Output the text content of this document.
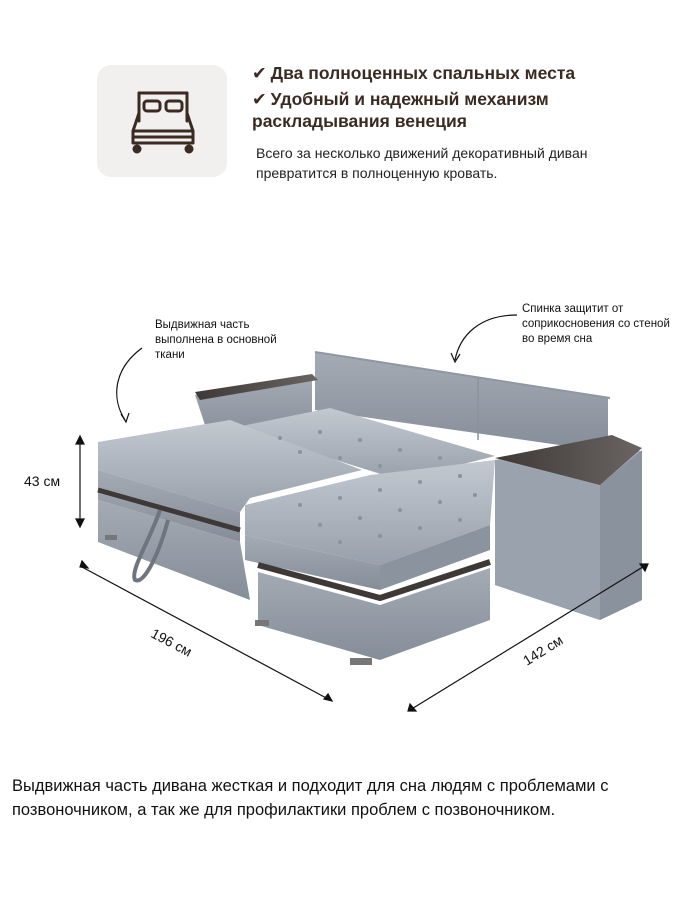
✔ Два полноценных спальных места
✔ Удобный и надежный механизм раскладывания венеция
Всего за несколько движений декоративный диван превратится в полноценную кровать.
Выдвижная часть выполнена в основной ткани
Спинка защитит от соприкосновения со стеной во время сна
43 см
196 см	142 см
Выдвижная часть дивана жесткая и подходит для сна людям с проблемами с позвоночником, а так же для профилактики проблем с позвоночником.
